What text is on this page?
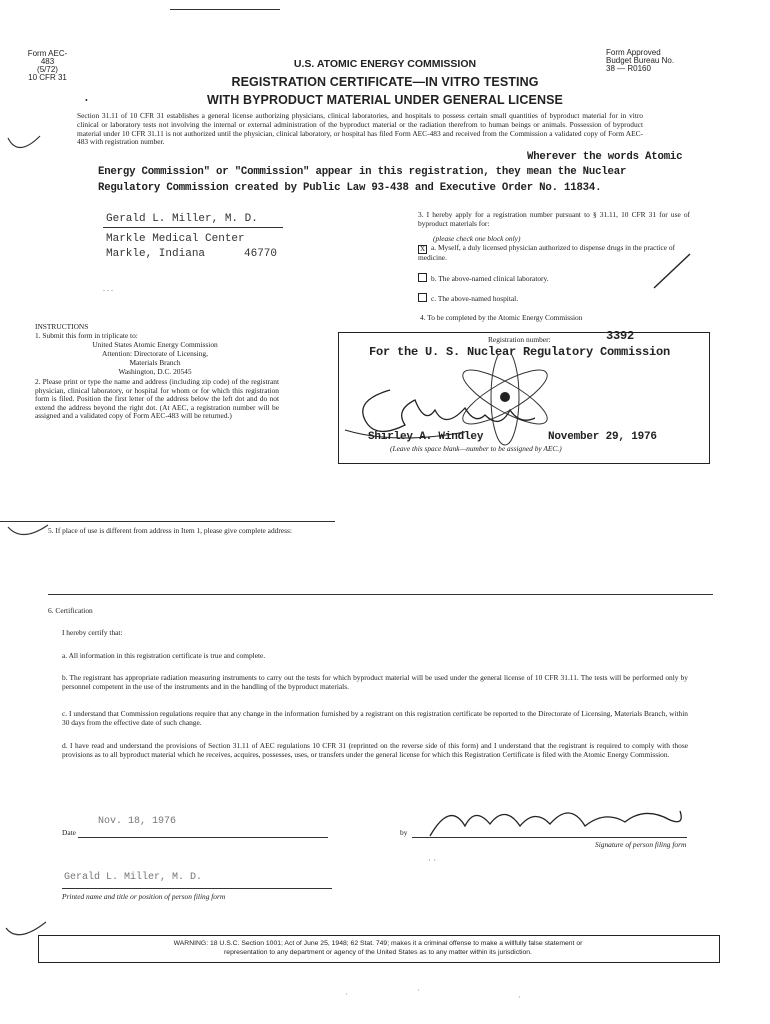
Form AEC-483
(5/72)
10 CFR 31
Form Approved
Budget Bureau No.
38 — R0160
U.S. ATOMIC ENERGY COMMISSION
REGISTRATION CERTIFICATE—IN VITRO TESTING
WITH BYPRODUCT MATERIAL UNDER GENERAL LICENSE
•
Section 31.11 of 10 CFR 31 establishes a general license authorizing physicians, clinical laboratories, and hospitals to possess certain small quantities of byproduct material for in vitro clinical or laboratory tests not involving the internal or external administration of the byproduct material or the radiation therefrom to human beings or animals. Possession of byproduct material under 10 CFR 31.11 is not authorized until the physician, clinical laboratory, or hospital has filed Form AEC-483 and received from the Commission a validated copy of Form AEC-483 with registration number.
Wherever the words Atomic
Energy Commission" or "Commission" appear in this registration, they mean the Nuclear
Regulatory Commission created by Public Law 93-438 and Executive Order No. 11834.
Gerald L. Miller, M. D.
Markle Medical Center
Markle, Indiana	46770
. . .
3. I hereby apply for a registration number pursuant to § 31.11, 10 CFR 31 for use of byproduct materials for:
(please check one block only)
X a. Myself, a duly licensed physician authorized to dispense drugs in the practice of medicine.
b. The above-named clinical laboratory.
c. The above-named hospital.
4. To be completed by the Atomic Energy Commission
Registration number:	3392
For the U. S. Nuclear Regulatory Commission
Shirley A. Windley	November 29, 1976
(Leave this space blank—number to be assigned by AEC.)
INSTRUCTIONS
1. Submit this form in triplicate to:
United States Atomic Energy Commission
Attention: Directorate of Licensing,
Materials Branch
Washington, D.C. 20545
2. Please print or type the name and address (including zip code) of the registrant physician, clinical laboratory, or hospital for whom or for which this registration form is filed. Position the first letter of the address below the left dot and do not extend the address beyond the right dot. (At AEC, a registration number will be assigned and a validated copy of Form AEC-483 will be returned.)
5. If place of use is different from address in Item 1, please give complete address:
6. Certification
I hereby certify that:
a. All information in this registration certificate is true and complete.
b. The registrant has appropriate radiation measuring instruments to carry out the tests for which byproduct material will be used under the general license of 10 CFR 31.11. The tests will be performed only by personnel competent in the use of the instruments and in the handling of the byproduct materials.
c. I understand that Commission regulations require that any change in the information furnished by a registrant on this registration certificate be reported to the Directorate of Licensing, Materials Branch, within 30 days from the effective date of such change.
d. I have read and understand the provisions of Section 31.11 of AEC regulations 10 CFR 31 (reprinted on the reverse side of this form) and I understand that the registrant is required to comply with those provisions as to all byproduct material which he receives, acquires, possesses, uses, or transfers under the general license for which this Registration Certificate is filed with the Atomic Energy Commission.
Nov. 18, 1976
Date	by
Signature of person filing form
· ·
Gerald L. Miller, M. D.
Printed name and title or position of person filing form
WARNING: 18 U.S.C. Section 1001; Act of June 25, 1948; 62 Stat. 749; makes it a criminal offense to make a willfully false statement or
representation to any department or agency of the United States as to any matter within its jurisdiction.
·	·
·
